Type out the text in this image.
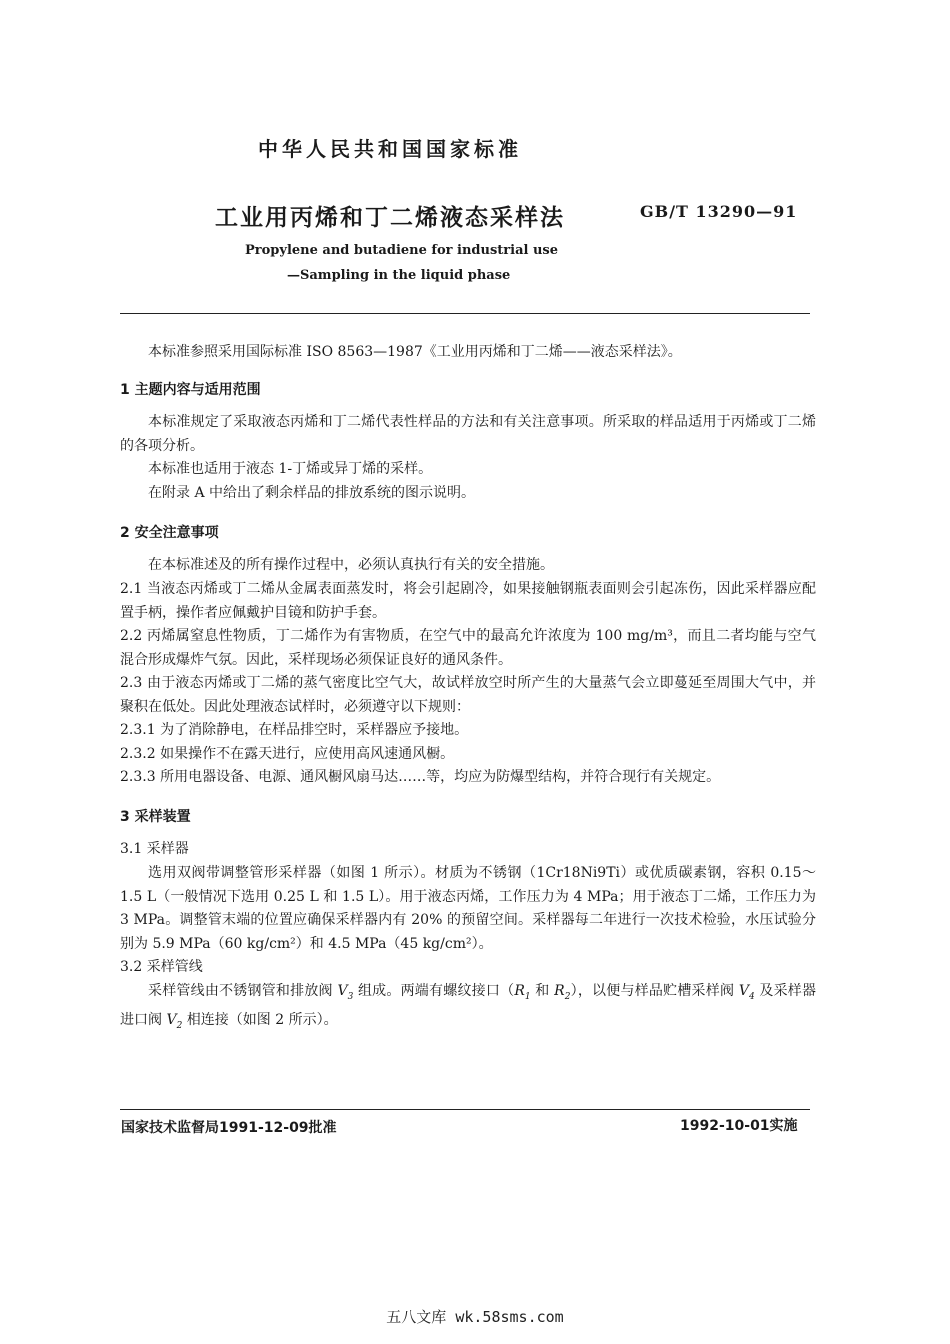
中华人民共和国国家标准
工业用丙烯和丁二烯液态采样法	GB/T 13290—91
Propylene and butadiene for industrial use
—Sampling in the liquid phase
本标准参照采用国际标准 ISO 8563—1987《工业用丙烯和丁二烯——液态采样法》。
1 主题内容与适用范围
本标准规定了采取液态丙烯和丁二烯代表性样品的方法和有关注意事项。所采取的样品适用于丙烯或丁二烯的各项分析。
本标准也适用于液态 1-丁烯或异丁烯的采样。
在附录 A 中给出了剩余样品的排放系统的图示说明。
2 安全注意事项
在本标准述及的所有操作过程中，必须认真执行有关的安全措施。
2.1 当液态丙烯或丁二烯从金属表面蒸发时，将会引起剧冷，如果接触钢瓶表面则会引起冻伤，因此采样器应配置手柄，操作者应佩戴护目镜和防护手套。
2.2 丙烯属窒息性物质，丁二烯作为有害物质，在空气中的最高允许浓度为 100 mg/m³，而且二者均能与空气混合形成爆炸气氛。因此，采样现场必须保证良好的通风条件。
2.3 由于液态丙烯或丁二烯的蒸气密度比空气大，故试样放空时所产生的大量蒸气会立即蔓延至周围大气中，并聚积在低处。因此处理液态试样时，必须遵守以下规则：
2.3.1 为了消除静电，在样品排空时，采样器应予接地。
2.3.2 如果操作不在露天进行，应使用高风速通风橱。
2.3.3 所用电器设备、电源、通风橱风扇马达……等，均应为防爆型结构，并符合现行有关规定。
3 采样装置
3.1 采样器
选用双阀带调整管形采样器（如图 1 所示）。材质为不锈钢（1Cr18Ni9Ti）或优质碳素钢，容积 0.15～1.5 L（一般情况下选用 0.25 L 和 1.5 L）。用于液态丙烯，工作压力为 4 MPa；用于液态丁二烯，工作压力为 3 MPa。调整管末端的位置应确保采样器内有 20% 的预留空间。采样器每二年进行一次技术检验，水压试验分别为 5.9 MPa（60 kg/cm²）和 4.5 MPa（45 kg/cm²）。
3.2 采样管线
采样管线由不锈钢管和排放阀 $V_3$ 组成。两端有螺纹接口（$R_1$ 和 $R_2$），以便与样品贮槽采样阀 $V_4$ 及采样器进口阀 $V_2$ 相连接（如图 2 所示）。
国家技术监督局1991-12-09批准	1992-10-01实施
五八文库 wk.58sms.com
